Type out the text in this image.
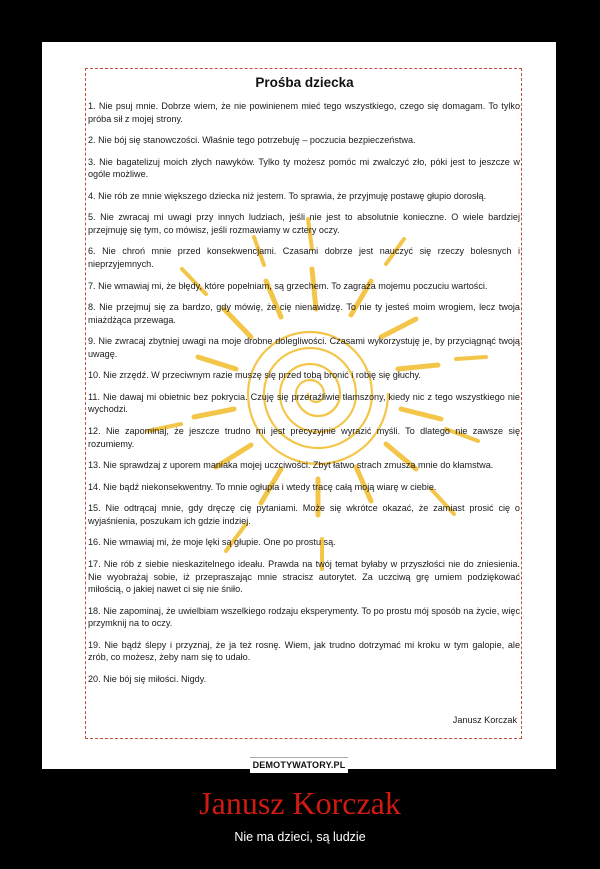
Prośba dziecka

1. Nie psuj mnie. Dobrze wiem, że nie powinienem mieć tego wszystkiego, czego się domagam. To tylko próba sił z mojej strony.

2. Nie bój się stanowczości. Właśnie tego potrzebuję – poczucia bezpieczeństwa.

3. Nie bagatelizuj moich złych nawyków. Tylko ty możesz pomóc mi zwalczyć zło, póki jest to jeszcze w ogóle możliwe.

4. Nie rób ze mnie większego dziecka niż jestem. To sprawia, że przyjmuję postawę głupio dorosłą.

5. Nie zwracaj mi uwagi przy innych ludziach, jeśli nie jest to absolutnie konieczne. O wiele bardziej przejmuję się tym, co mówisz, jeśli rozmawiamy w cztery oczy.

6. Nie chroń mnie przed konsekwencjami. Czasami dobrze jest nauczyć się rzeczy bolesnych i nieprzyjemnych.

7. Nie wmawiaj mi, że błędy, które popełniam, są grzechem. To zagraża mojemu poczuciu wartości.

8. Nie przejmuj się za bardzo, gdy mówię, że cię nienawidzę. To nie ty jesteś moim wrogiem, lecz twoja miażdżąca przewaga.

9. Nie zwracaj zbytniej uwagi na moje drobne dolegliwości. Czasami wykorzystuję je, by przyciągnąć twoją uwagę.

10. Nie zrzędź. W przeciwnym razie muszę się przed tobą bronić i robię się głuchy.

11. Nie dawaj mi obietnic bez pokrycia. Czuję się przeraźliwie tłamszony, kiedy nic z tego wszystkiego nie wychodzi.

12. Nie zapominaj, że jeszcze trudno mi jest precyzyjnie wyrazić myśli. To dlatego nie zawsze się rozumiemy.

13. Nie sprawdzaj z uporem maniaka mojej uczciwości. Zbyt łatwo strach zmusza mnie do kłamstwa.

14. Nie bądź niekonsekwentny. To mnie ogłupia i wtedy tracę całą moją wiarę w ciebie.

15. Nie odtrącaj mnie, gdy dręczę cię pytaniami. Może się wkrótce okazać, że zamiast prosić cię o wyjaśnienia, poszukam ich gdzie indziej.

16. Nie wmawiaj mi, że moje lęki są głupie. One po prostu są.

17. Nie rób z siebie nieskazitelnego ideału. Prawda na twój temat byłaby w przyszłości nie do zniesienia. Nie wyobrażaj sobie, iż przepraszając mnie stracisz autorytet. Za uczciwą grę umiem podziękować miłością, o jakiej nawet ci się nie śniło.

18. Nie zapominaj, że uwielbiam wszelkiego rodzaju eksperymenty. To po prostu mój sposób na życie, więc przymknij na to oczy.

19. Nie bądź ślepy i przyznaj, że ja też rosnę. Wiem, jak trudno dotrzymać mi kroku w tym galopie, ale zrób, co możesz, żeby nam się to udało.

20. Nie bój się miłości. Nigdy.

Janusz Korczak
DEMOTYWATORY.PL
Janusz Korczak
Nie ma dzieci, są ludzie
